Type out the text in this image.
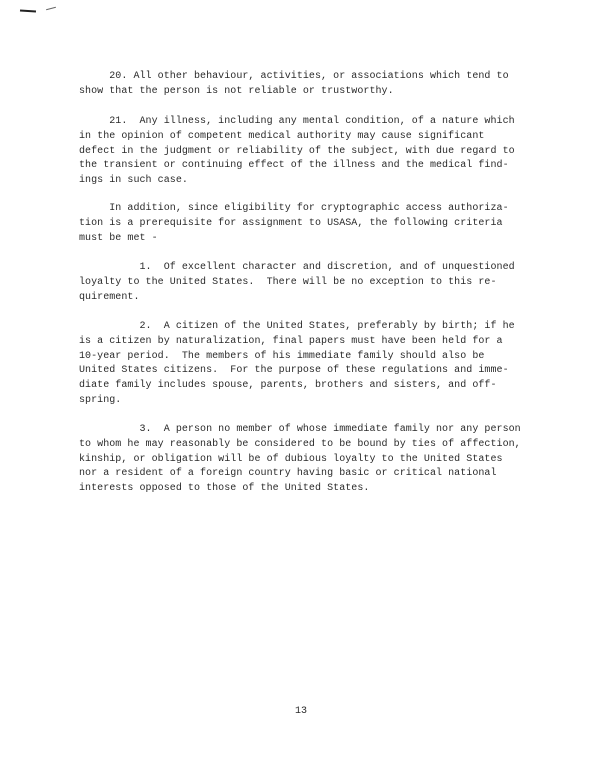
20. All other behaviour, activities, or associations which tend to
show that the person is not reliable or trustworthy.
21.  Any illness, including any mental condition, of a nature which
in the opinion of competent medical authority may cause significant
defect in the judgment or reliability of the subject, with due regard to
the transient or continuing effect of the illness and the medical find-
ings in such case.
In addition, since eligibility for cryptographic access authoriza-
tion is a prerequisite for assignment to USASA, the following criteria
must be met -
1.  Of excellent character and discretion, and of unquestioned
loyalty to the United States.  There will be no exception to this re-
quirement.
2.  A citizen of the United States, preferably by birth; if he
is a citizen by naturalization, final papers must have been held for a
10-year period.  The members of his immediate family should also be
United States citizens.  For the purpose of these regulations and imme-
diate family includes spouse, parents, brothers and sisters, and off-
spring.
3.  A person no member of whose immediate family nor any person
to whom he may reasonably be considered to be bound by ties of affection,
kinship, or obligation will be of dubious loyalty to the United States
nor a resident of a foreign country having basic or critical national
interests opposed to those of the United States.
13
